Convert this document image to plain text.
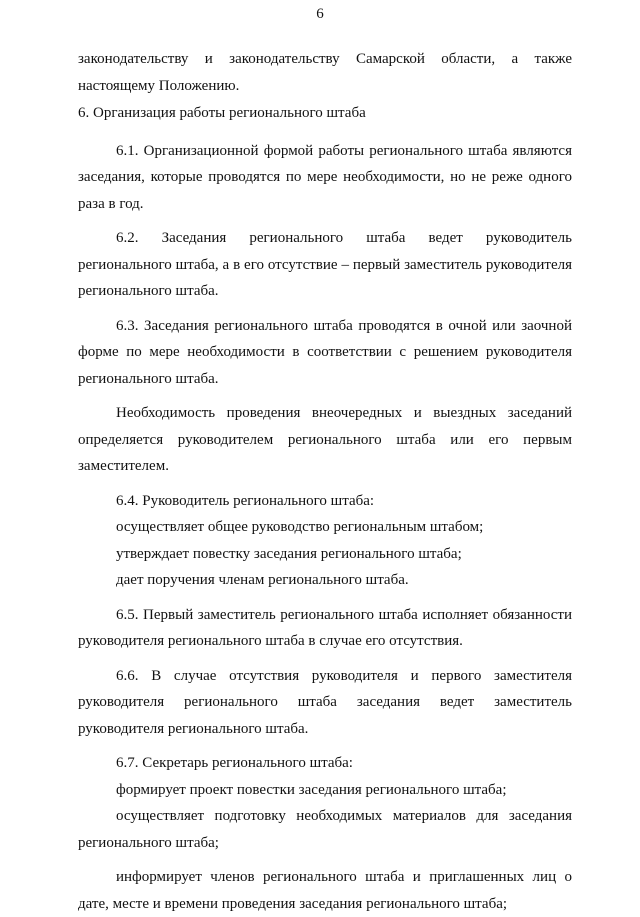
6

законодательству и законодательству Самарской области, а также настоящему Положению.

6. Организация работы регионального штаба

6.1. Организационной формой работы регионального штаба являются заседания, которые проводятся по мере необходимости, но не реже одного раза в год.

6.2. Заседания регионального штаба ведет руководитель регионального штаба, а в его отсутствие – первый заместитель руководителя регионального штаба.

6.3. Заседания регионального штаба проводятся в очной или заочной форме по мере необходимости в соответствии с решением руководителя регионального штаба.

Необходимость проведения внеочередных и выездных заседаний определяется руководителем регионального штаба или его первым заместителем.

6.4. Руководитель регионального штаба:

осуществляет общее руководство региональным штабом;

утверждает повестку заседания регионального штаба;

дает поручения членам регионального штаба.

6.5. Первый заместитель регионального штаба исполняет обязанности руководителя регионального штаба в случае его отсутствия.

6.6. В случае отсутствия руководителя и первого заместителя руководителя регионального штаба заседания ведет заместитель руководителя регионального штаба.

6.7. Секретарь регионального штаба:

формирует проект повестки заседания регионального штаба;

осуществляет подготовку необходимых материалов для заседания регионального штаба;

информирует членов регионального штаба и приглашенных лиц о дате, месте и времени проведения заседания регионального штаба;
